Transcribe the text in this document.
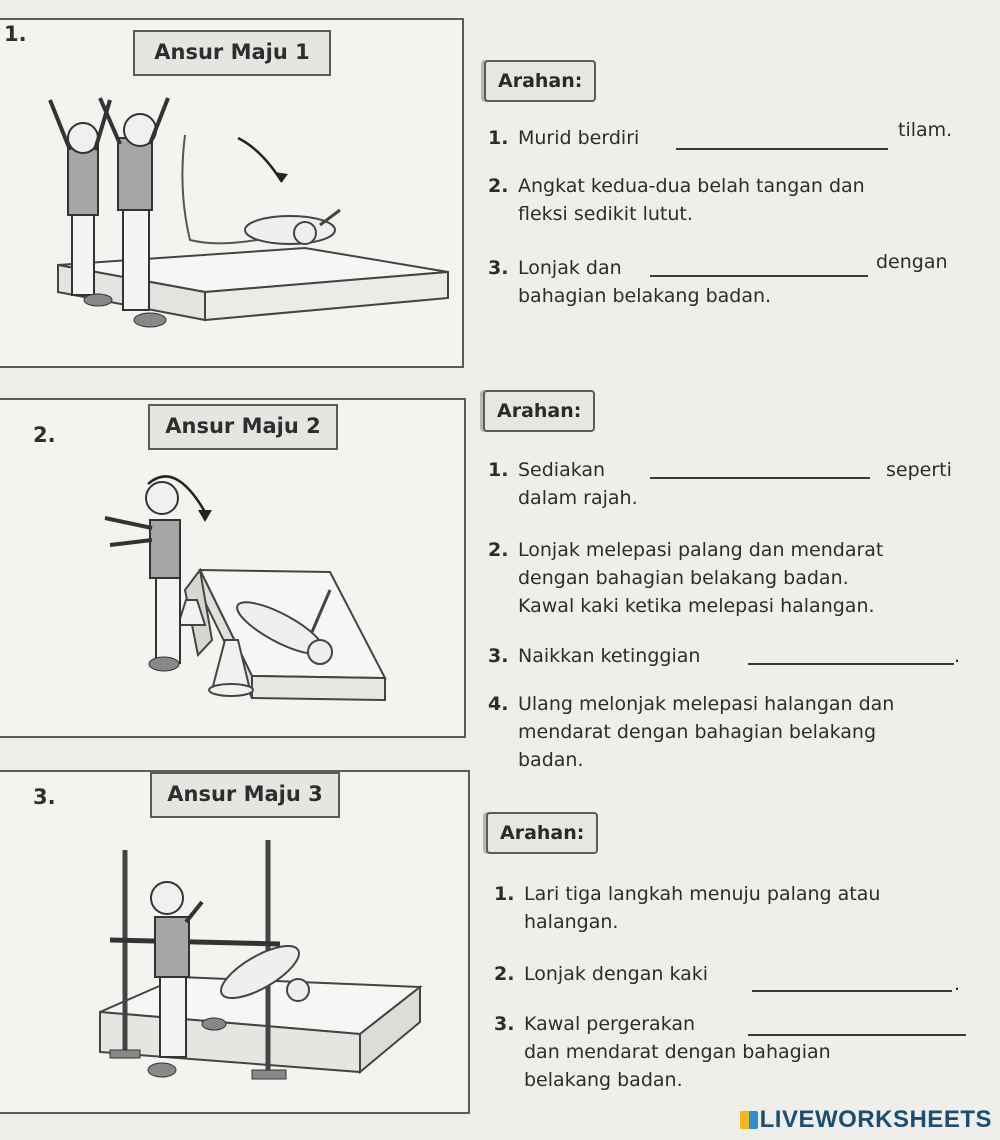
1.
Ansur Maju 1
Arahan:
1. Murid berdiri	tilam.
2. Angkat kedua-dua belah tangan dan
fleksi sedikit lutut.
3. Lonjak dan
bahagian belakang badan.
dengan
2.	Ansur Maju 2
Arahan:
1. Sediakan
dalam rajah.
seperti
2. Lonjak melepasi palang dan mendarat
dengan bahagian belakang badan.
Kawal kaki ketika melepasi halangan.
3. Naikkan ketinggian	.
4. Ulang melonjak melepasi halangan dan
mendarat dengan bahagian belakang
badan.
3.	Ansur Maju 3
Arahan:
1. Lari tiga langkah menuju palang atau
halangan.
2. Lonjak dengan kaki	.
3. Kawal pergerakan
dan mendarat dengan bahagian
belakang badan.
LIVEWORKSHEETS
